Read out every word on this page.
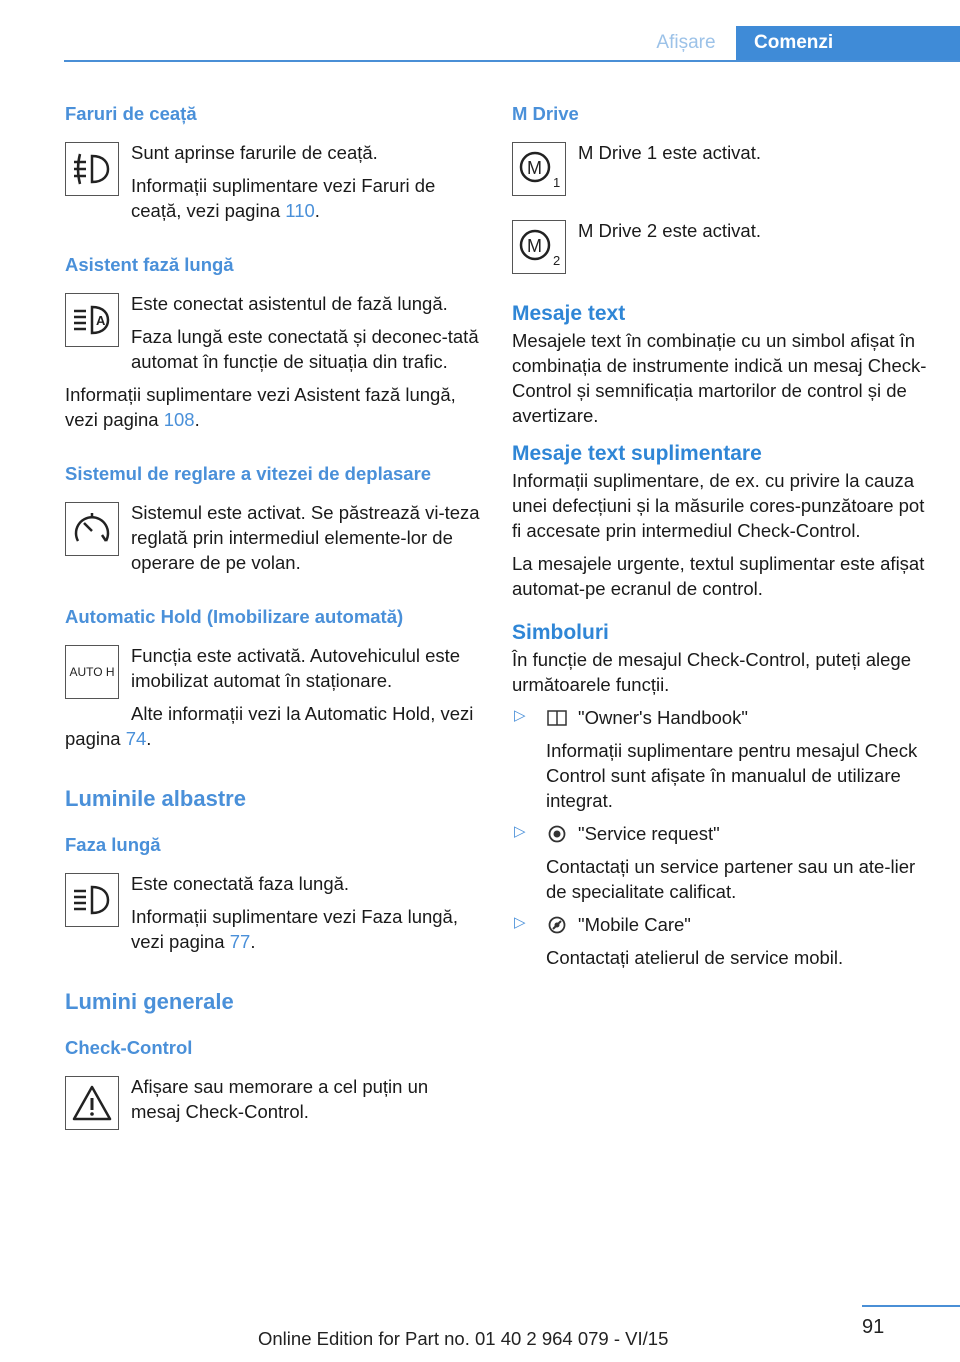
Afișare	Comenzi
Faruri de ceață
Sunt aprinse farurile de ceață.
Informații suplimentare vezi Faruri de ceață, vezi pagina 110.
Asistent fază lungă
A
Este conectat asistentul de fază lungă.
Faza lungă este conectată și deconec‐tată automat în funcție de situația din trafic.
Informații suplimentare vezi Asistent fază lungă, vezi pagina 108.
Sistemul de reglare a vitezei de deplasare
Sistemul este activat. Se păstrează vi‐teza reglată prin intermediul elemente‐lor de operare de pe volan.
Automatic Hold (Imobilizare automată)
AUTO H
Funcția este activată. Autovehiculul este imobilizat automat în staționare.
Alte informații vezi la Automatic Hold, vezi pagina 74.
Luminile albastre
Faza lungă
Este conectată faza lungă.
Informații suplimentare vezi Faza lungă, vezi pagina 77.
Lumini generale
Check-Control
Afișare sau memorare a cel puțin un mesaj Check-Control.
M Drive
M
1
M Drive 1 este activat.
M
2
M Drive 2 este activat.
Mesaje text
Mesajele text în combinație cu un simbol afișat în combinația de instrumente indică un mesaj Check-Control și semnificația martorilor de control și de avertizare.
Mesaje text suplimentare
Informații suplimentare, de ex. cu privire la cauza unei defecțiuni și la măsurile cores‐punzătoare pot fi accesate prin intermediul Check-Control.
La mesajele urgente, textul suplimentar este afișat automat-pe ecranul de control.
Simboluri
În funcție de mesajul Check-Control, puteți alege următoarele funcții.
▷	"Owner's Handbook"
Informații suplimentare pentru mesajul Check Control sunt afișate în manualul de utilizare integrat.
▷	"Service request"
Contactați un service partener sau un ate‐lier de specialitate calificat.
▷	"Mobile Care"
Contactați atelierul de service mobil.
91
Online Edition for Part no. 01 40 2 964 079 - VI/15
